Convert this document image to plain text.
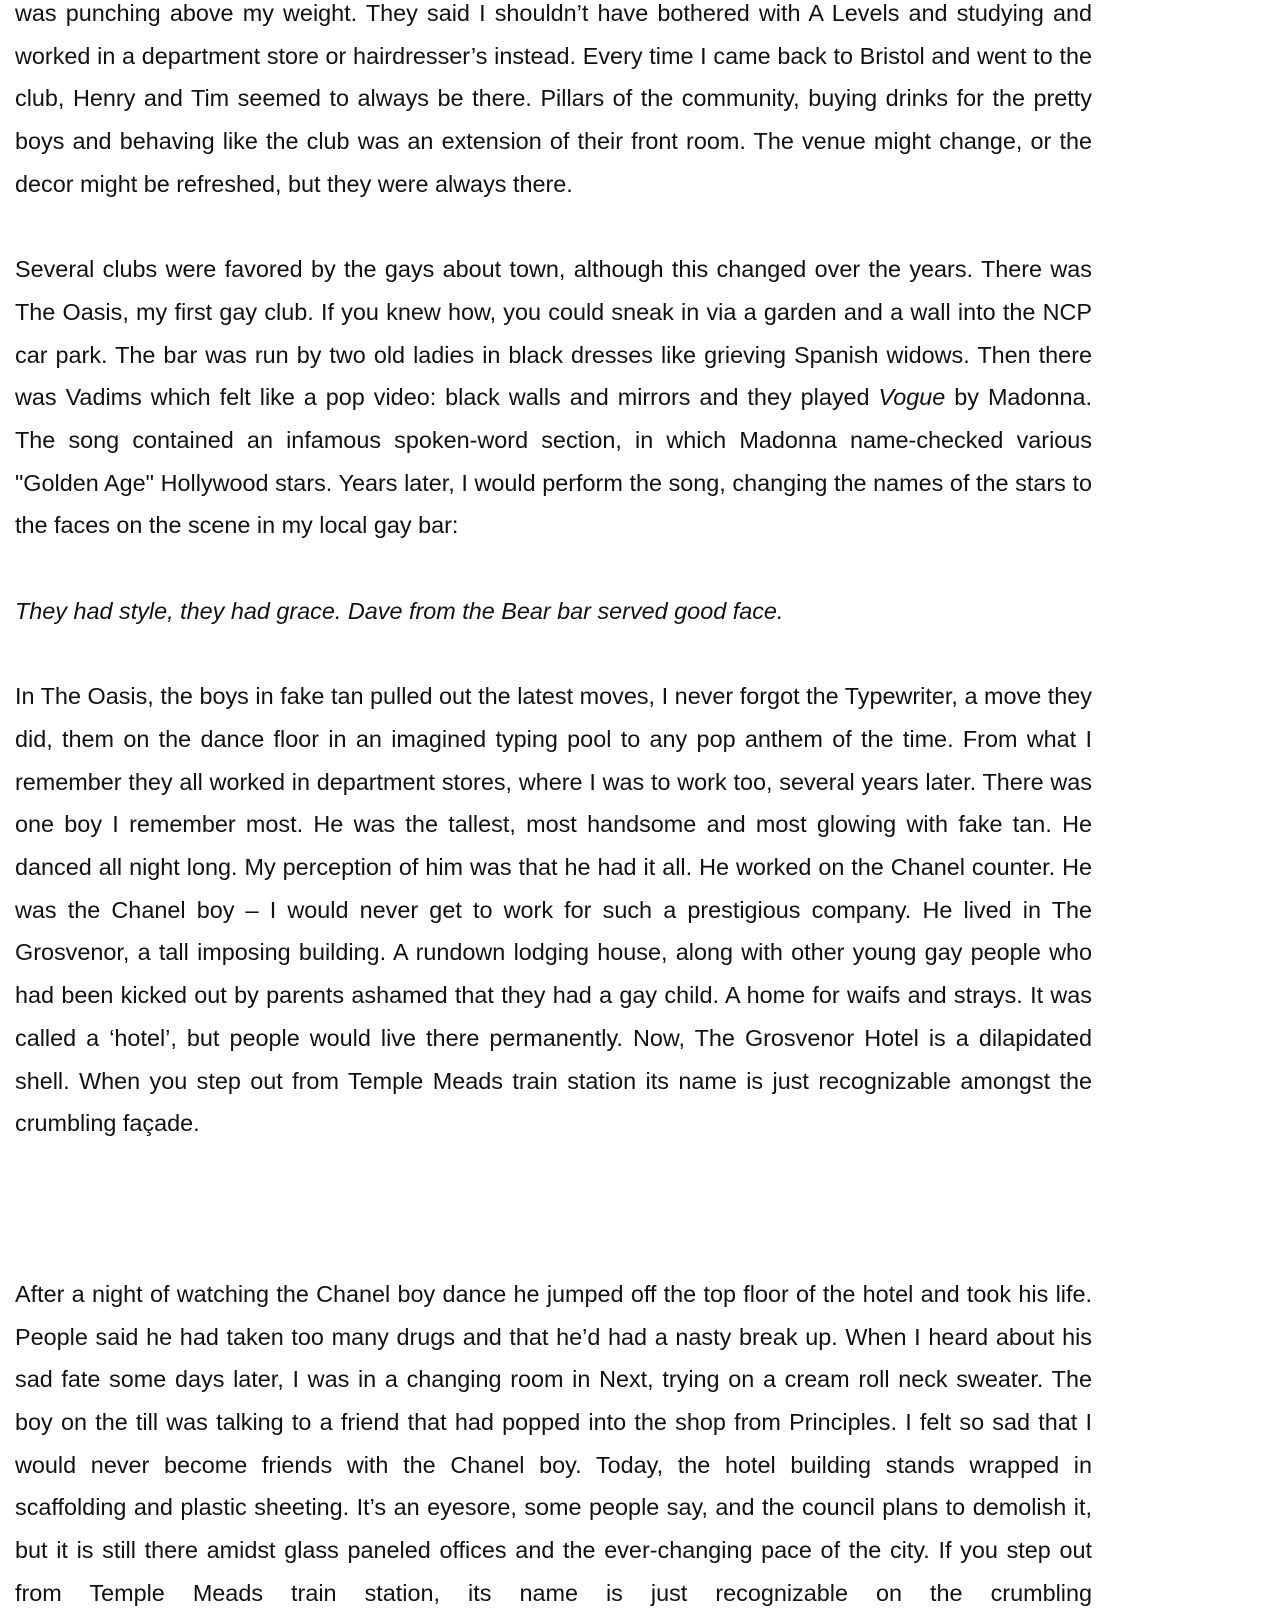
was punching above my weight. They said I shouldn’t have bothered with A Levels and studying and worked in a department store or hairdresser’s instead. Every time I came back to Bristol and went to the club, Henry and Tim seemed to always be there. Pillars of the community, buying drinks for the pretty boys and behaving like the club was an extension of their front room. The venue might change, or the decor might be refreshed, but they were always there.

Several clubs were favored by the gays about town, although this changed over the years. There was The Oasis, my first gay club. If you knew how, you could sneak in via a garden and a wall into the NCP car park. The bar was run by two old ladies in black dresses like grieving Spanish widows. Then there was Vadims which felt like a pop video: black walls and mirrors and they played Vogue by Madonna. The song contained an infamous spoken-word section, in which Madonna name-checked various "Golden Age" Hollywood stars. Years later, I would perform the song, changing the names of the stars to the faces on the scene in my local gay bar:

They had style, they had grace. Dave from the Bear bar served good face.

In The Oasis, the boys in fake tan pulled out the latest moves, I never forgot the Typewriter, a move they did, them on the dance floor in an imagined typing pool to any pop anthem of the time. From what I remember they all worked in department stores, where I was to work too, several years later. There was one boy I remember most. He was the tallest, most handsome and most glowing with fake tan. He danced all night long. My perception of him was that he had it all. He worked on the Chanel counter. He was the Chanel boy – I would never get to work for such a prestigious company. He lived in The Grosvenor, a tall imposing building. A rundown lodging house, along with other young gay people who had been kicked out by parents ashamed that they had a gay child. A home for waifs and strays. It was called a ‘hotel’, but people would live there permanently. Now, The Grosvenor Hotel is a dilapidated shell. When you step out from Temple Meads train station its name is just recognizable amongst the crumbling façade.

After a night of watching the Chanel boy dance he jumped off the top floor of the hotel and took his life. People said he had taken too many drugs and that he’d had a nasty break up. When I heard about his sad fate some days later, I was in a changing room in Next, trying on a cream roll neck sweater. The boy on the till was talking to a friend that had popped into the shop from Principles. I felt so sad that I would never become friends with the Chanel boy. Today, the hotel building stands wrapped in scaffolding and plastic sheeting. It’s an eyesore, some people say, and the council plans to demolish it, but it is still there amidst glass paneled offices and the ever-changing pace of the city. If you step out from Temple Meads train station, its name is just recognizable on the crumbling
